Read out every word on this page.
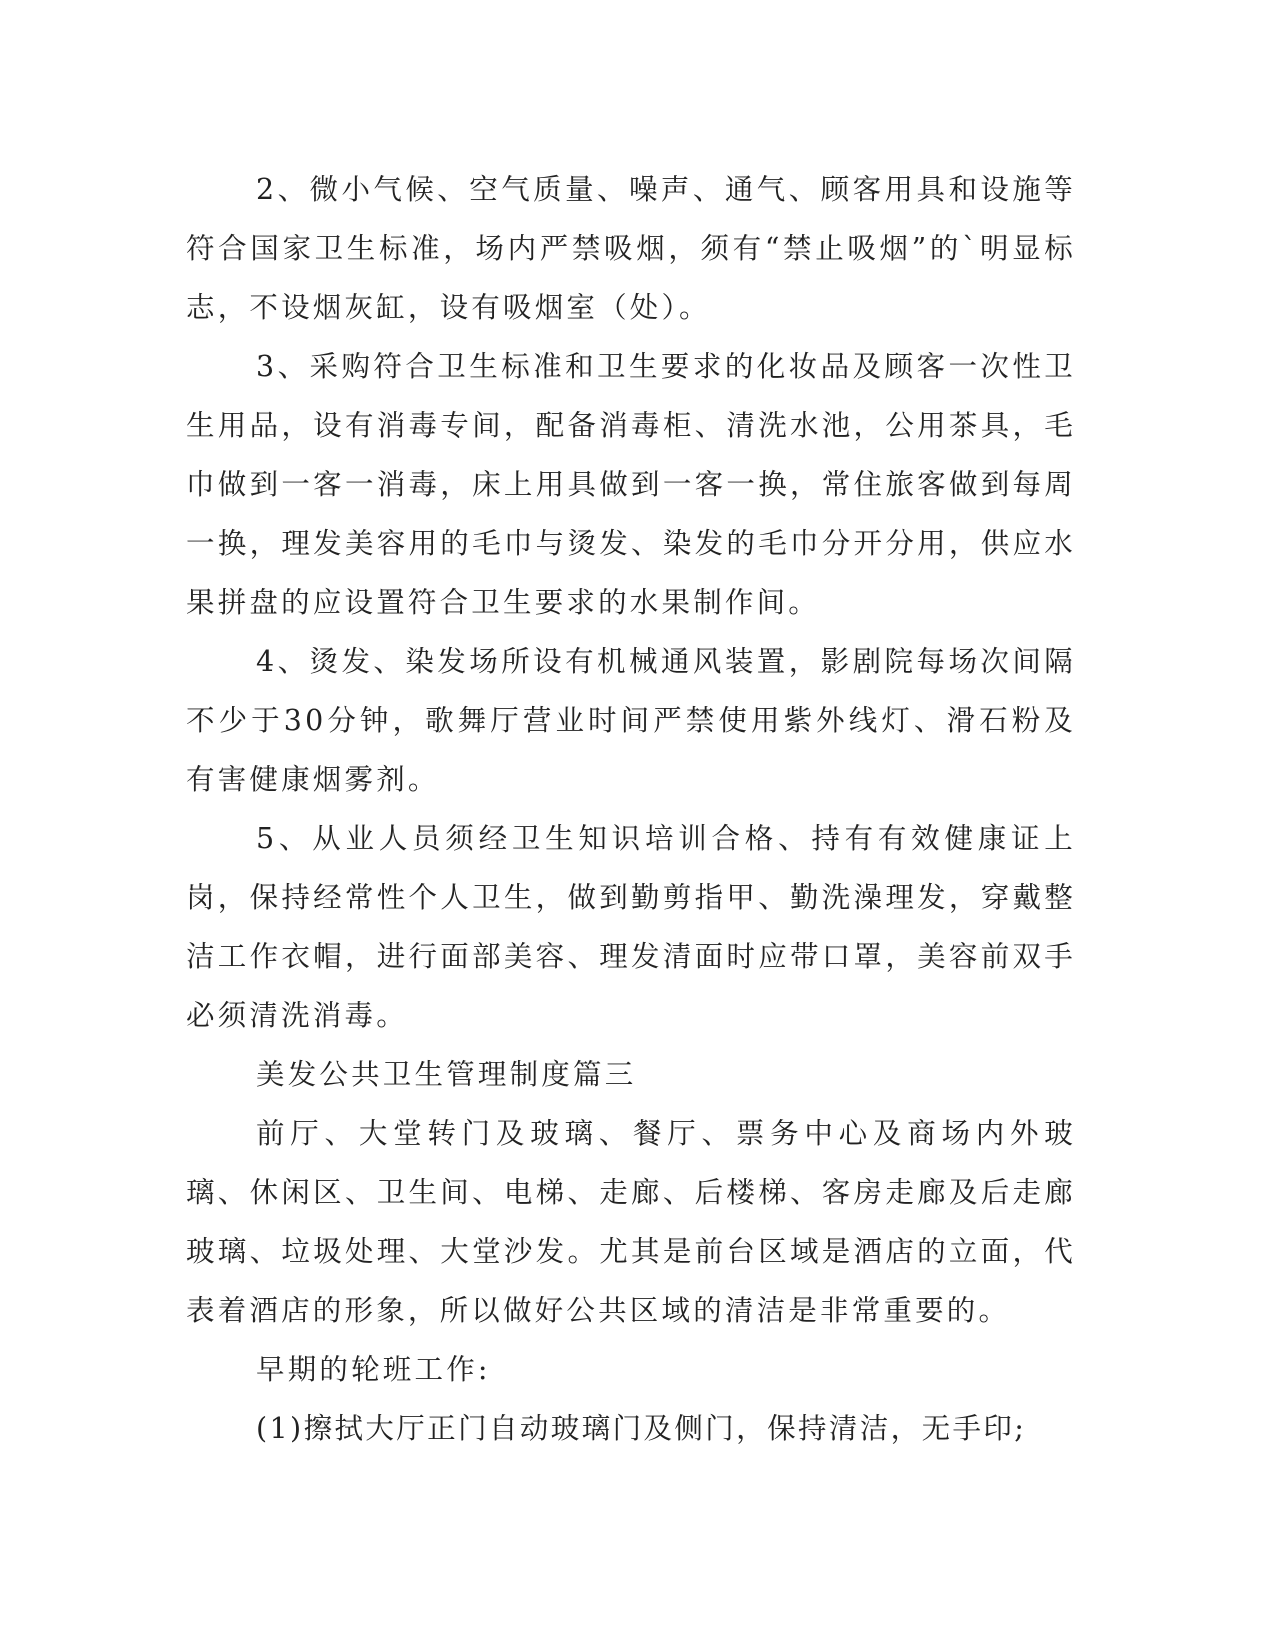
2、微小气候、空气质量、噪声、通气、顾客用具和设施等符合国家卫生标准，场内严禁吸烟，须有“禁止吸烟”的`明显标志，不设烟灰缸，设有吸烟室（处）。

3、采购符合卫生标准和卫生要求的化妆品及顾客一次性卫生用品，设有消毒专间，配备消毒柜、清洗水池，公用茶具，毛巾做到一客一消毒，床上用具做到一客一换，常住旅客做到每周一换，理发美容用的毛巾与烫发、染发的毛巾分开分用，供应水果拼盘的应设置符合卫生要求的水果制作间。

4、烫发、染发场所设有机械通风装置，影剧院每场次间隔不少于30分钟，歌舞厅营业时间严禁使用紫外线灯、滑石粉及有害健康烟雾剂。

5、从业人员须经卫生知识培训合格、持有有效健康证上岗，保持经常性个人卫生，做到勤剪指甲、勤洗澡理发，穿戴整洁工作衣帽，进行面部美容、理发清面时应带口罩，美容前双手必须清洗消毒。

美发公共卫生管理制度篇三

前厅、大堂转门及玻璃、餐厅、票务中心及商场内外玻璃、休闲区、卫生间、电梯、走廊、后楼梯、客房走廊及后走廊玻璃、垃圾处理、大堂沙发。尤其是前台区域是酒店的立面，代表着酒店的形象，所以做好公共区域的清洁是非常重要的。

早期的轮班工作:

(1)擦拭大厅正门自动玻璃门及侧门，保持清洁，无手印;
